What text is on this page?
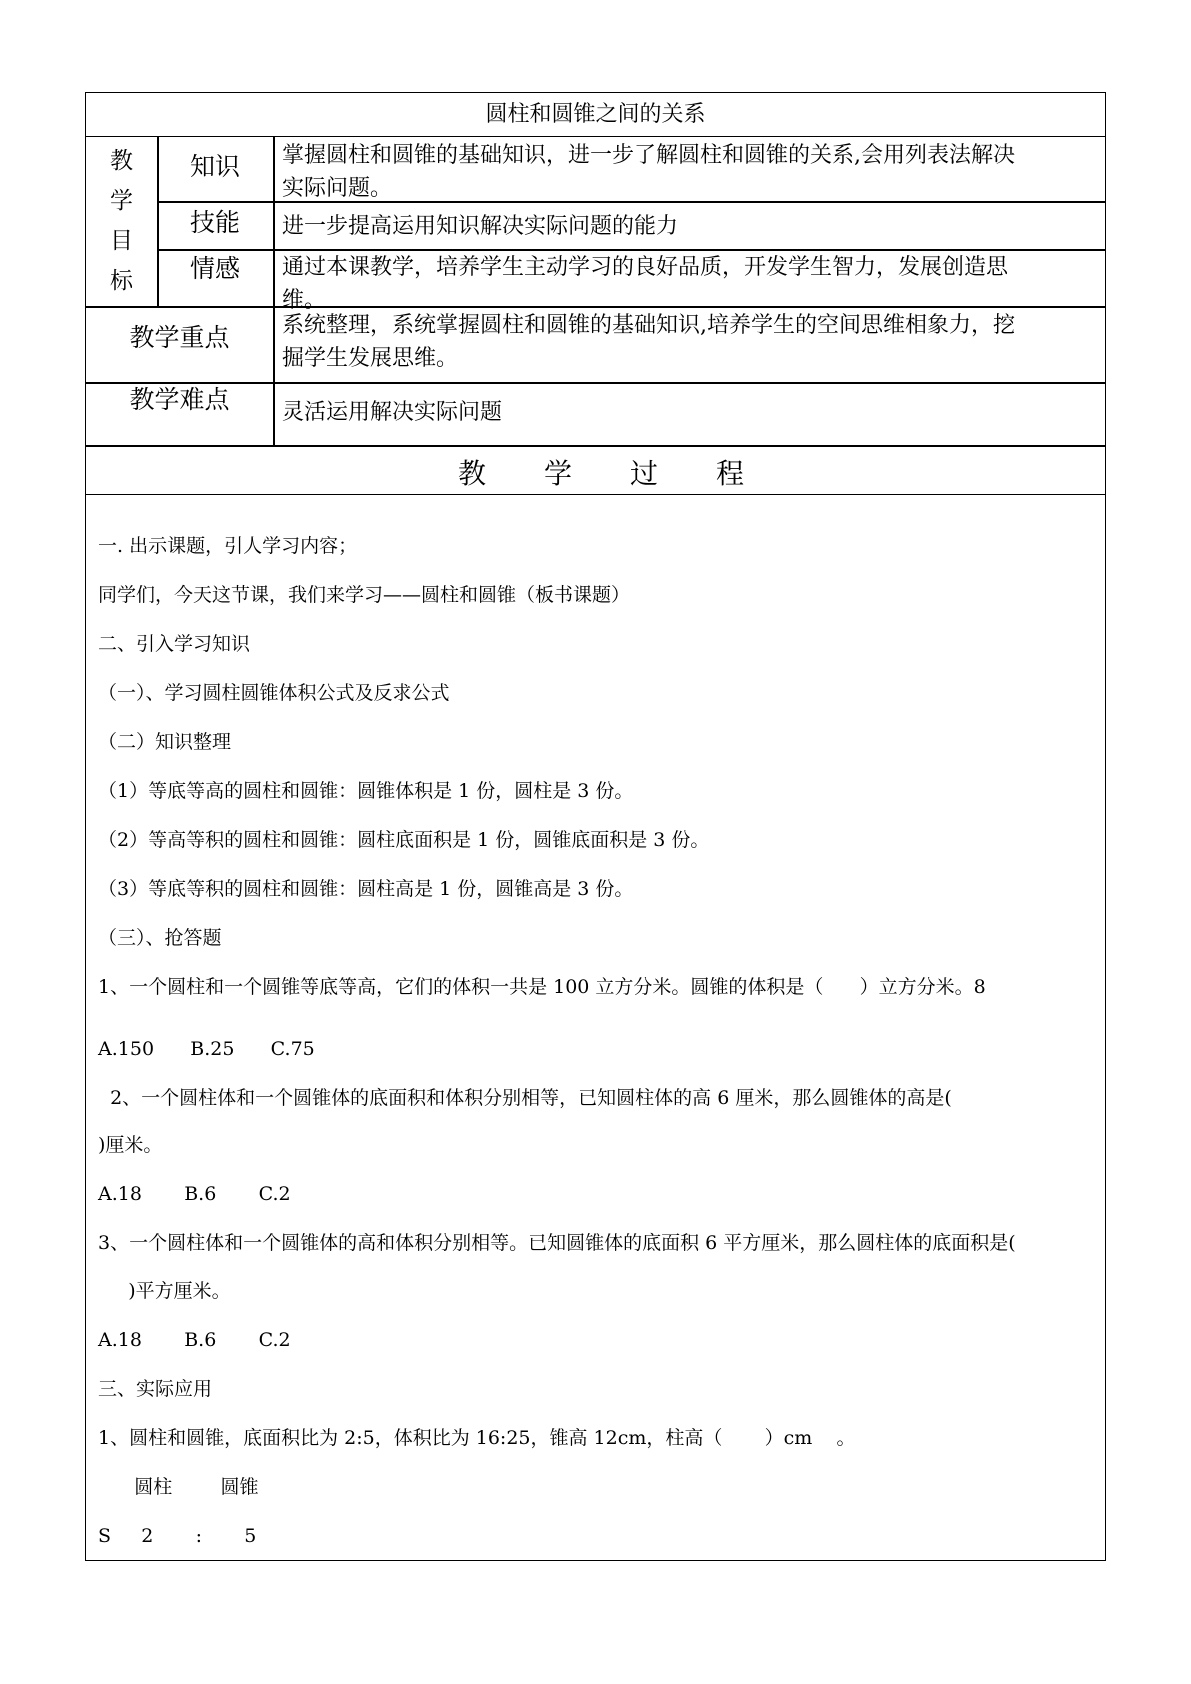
圆柱和圆锥之间的关系
教
学
目
标
知识	掌握圆柱和圆锥的基础知识，进一步了解圆柱和圆锥的关系,会用列表法解决
实际问题。
技能	进一步提高运用知识解决实际问题的能力
情感	通过本课教学，培养学生主动学习的良好品质，开发学生智力，发展创造思
维。
教学重点	系统整理，系统掌握圆柱和圆锥的基础知识,培养学生的空间思维相象力，挖
掘学生发展思维。
教学难点	灵活运用解决实际问题
教 学 过 程
一. 出示课题，引人学习内容；
同学们，今天这节课，我们来学习——圆柱和圆锥（板书课题）
二、引入学习知识
（一）、学习圆柱圆锥体积公式及反求公式
（二）知识整理
（1）等底等高的圆柱和圆锥：圆锥体积是 1 份，圆柱是 3 份。
（2）等高等积的圆柱和圆锥：圆柱底面积是 1 份，圆锥底面积是 3 份。
（3）等底等积的圆柱和圆锥：圆柱高是 1 份，圆锥高是 3 份。
（三）、抢答题
1、一个圆柱和一个圆锥等底等高，它们的体积一共是 100 立方分米。圆锥的体积是（      ）立方分米。8
A.150      B.25      C.75
2、一个圆柱体和一个圆锥体的底面积和体积分别相等，已知圆柱体的高 6 厘米，那么圆锥体的高是(
)厘米。
A.18       B.6       C.2
3、一个圆柱体和一个圆锥体的高和体积分别相等。已知圆锥体的底面积 6 平方厘米，那么圆柱体的底面积是(
)平方厘米。
A.18       B.6       C.2
三、实际应用
1、圆柱和圆锥，底面积比为 2:5，体积比为 16:25，锥高 12cm，柱高（       ）cm    。
圆柱        圆锥
S     2       :       5
